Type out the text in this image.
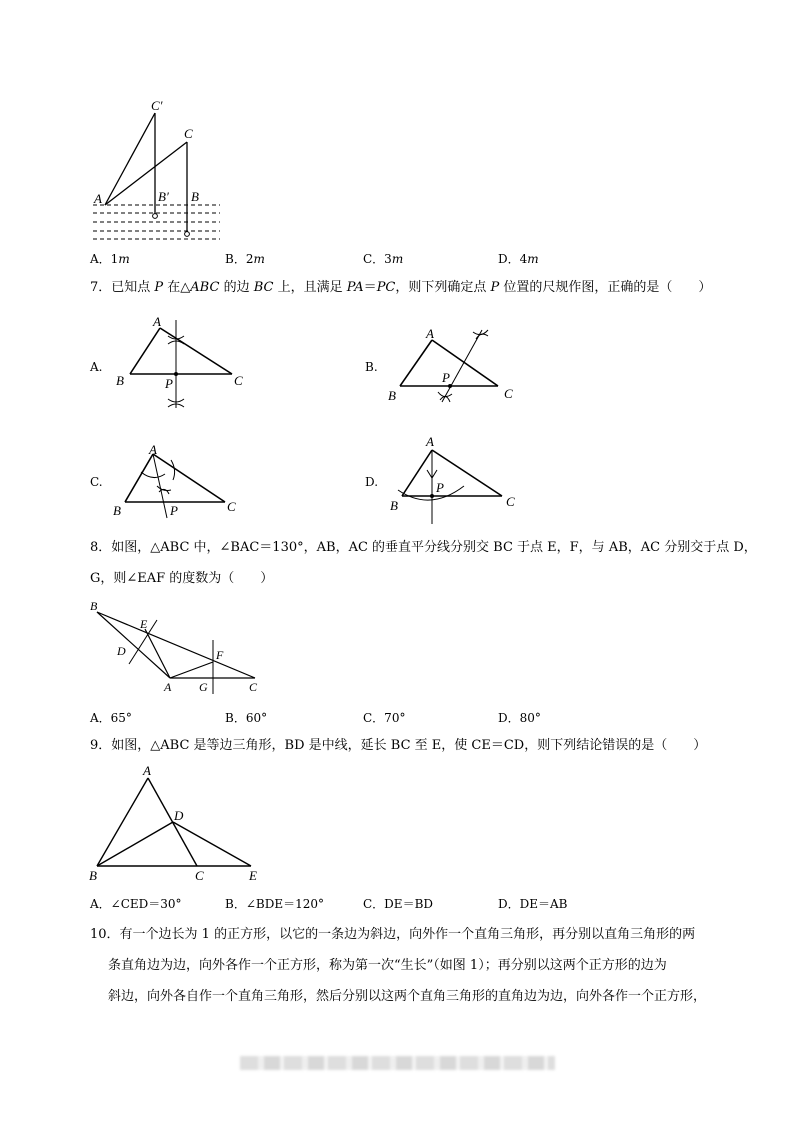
C′
C
A	B′ B
A．1m	B．2m	C．3m	D．4m
7．已知点 P 在△ABC 的边 BC 上，且满足 PA＝PC，则下列确定点 P 位置的尺规作图，正确的是（　　）
A.	B.
C.	D.
A
B	P	C
A
P
B	C
A
B	P	C
A
P
B	C
8．如图，△ABC 中，∠BAC＝130°，AB，AC 的垂直平分线分别交 BC 于点 E，F，与 AB，AC 分别交于点 D，
G，则∠EAF 的度数为（　　）
B
E
D	F
A G	C
A．65°	B．60°	C．70°	D．80°
9．如图，△ABC 是等边三角形，BD 是中线，延长 BC 至 E，使 CE＝CD，则下列结论错误的是（　　）
A
D
B	C	E
A．∠CED＝30°	B．∠BDE＝120°	C．DE＝BD	D．DE＝AB
10．有一个边长为 1 的正方形，以它的一条边为斜边，向外作一个直角三角形，再分别以直角三角形的两
条直角边为边，向外各作一个正方形，称为第一次“生长”（如图 1）；再分别以这两个正方形的边为
斜边，向外各自作一个直角三角形，然后分别以这两个直角三角形的直角边为边，向外各作一个正方形，
